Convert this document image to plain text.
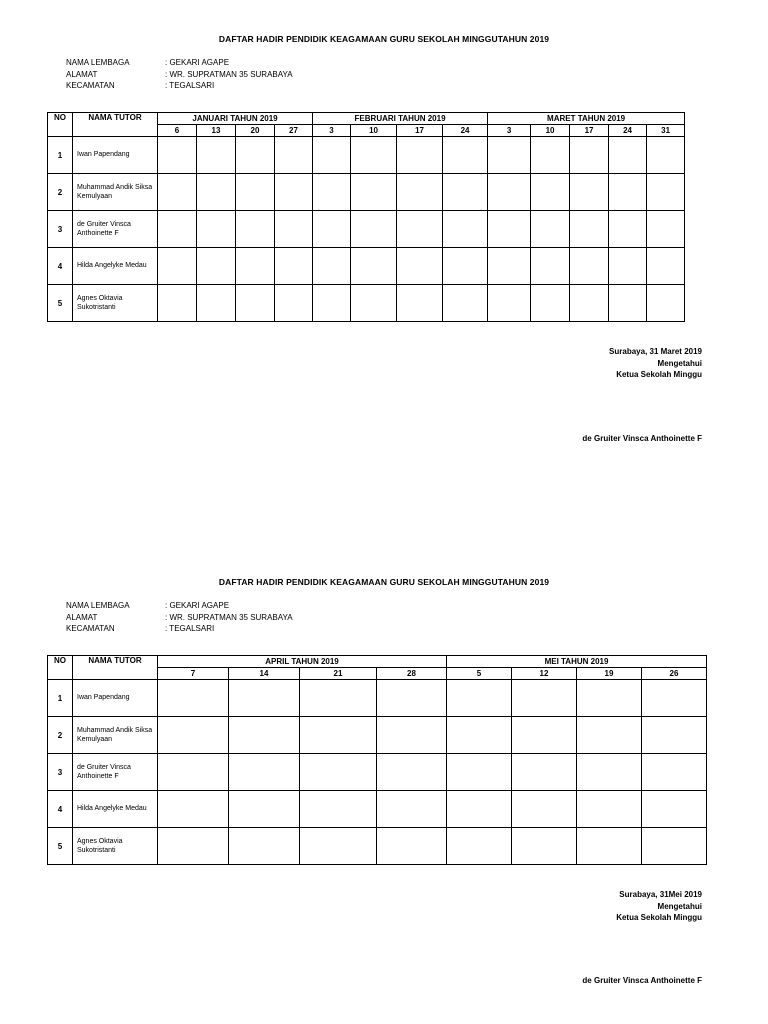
DAFTAR HADIR PENDIDIK KEAGAMAAN GURU SEKOLAH MINGGUTAHUN 2019
NAMA LEMBAGA	: GEKARI AGAPE
ALAMAT	: WR. SUPRATMAN 35 SURABAYA
KECAMATAN	: TEGALSARI
NO	NAMA TUTOR	JANUARI TAHUN 2019				FEBRUARI TAHUN 2019				MARET TAHUN 2019				
		6	13	20	27	3	10	17	24	3	10	17	24	31
1	Iwan Papendang													
2	Muhammad Andik Siksa Kemulyaan													
3	de Gruiter Vinsca Anthoinette F													
4	Hilda Angelyke Medau													
5	Agnes Oktavia Sukotristanti													
Surabaya, 31 Maret 2019
Mengetahui
Ketua Sekolah Minggu
de Gruiter Vinsca Anthoinette F
DAFTAR HADIR PENDIDIK KEAGAMAAN GURU SEKOLAH MINGGUTAHUN 2019
NAMA LEMBAGA	: GEKARI AGAPE
ALAMAT	: WR. SUPRATMAN 35 SURABAYA
KECAMATAN	: TEGALSARI
NO	NAMA TUTOR	APRIL TAHUN 2019				MEI TAHUN 2019			
		7	14	21	28	5	12	19	26
1	Iwan Papendang								
2	Muhammad Andik Siksa Kemulyaan								
3	de Gruiter Vinsca Anthoinette F								
4	Hilda Angelyke Medau								
5	Agnes Oktavia Sukotristanti								
Surabaya, 31Mei 2019
Mengetahui
Ketua Sekolah Minggu
de Gruiter Vinsca Anthoinette F
